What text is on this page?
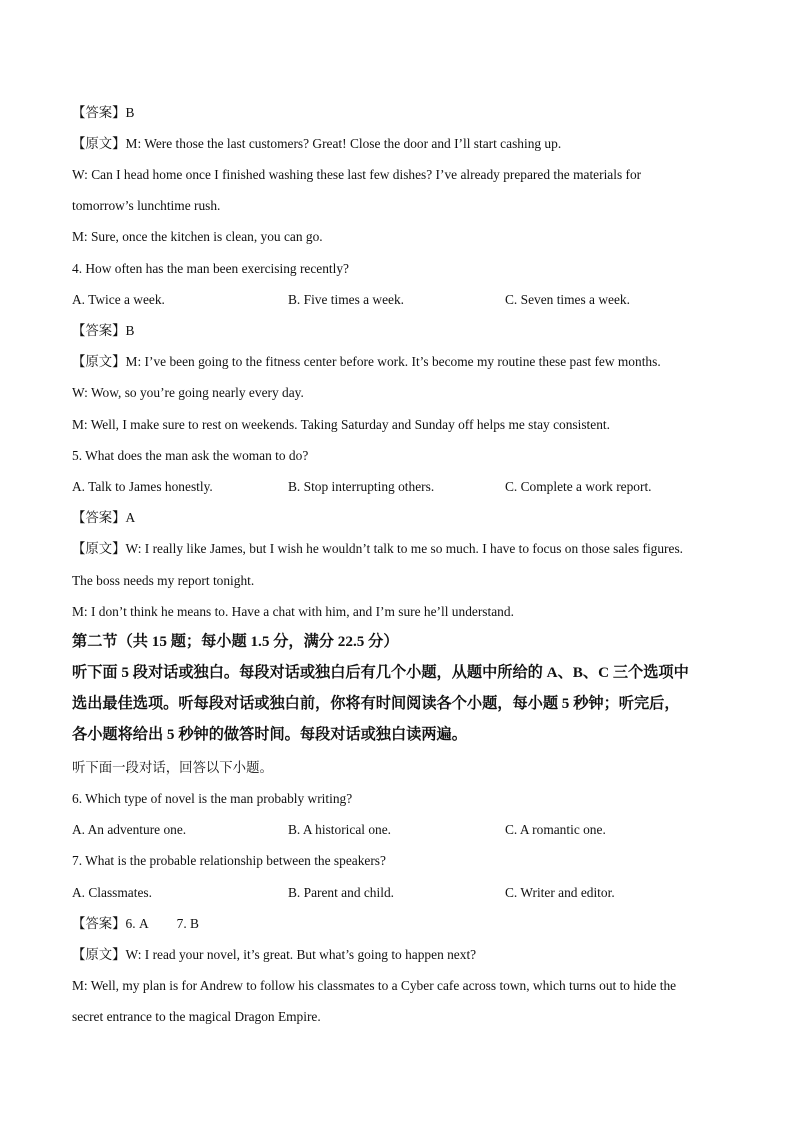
【答案】B
【原文】M: Were those the last customers? Great! Close the door and I’ll start cashing up.
W: Can I head home once I finished washing these last few dishes? I’ve already prepared the materials for
tomorrow’s lunchtime rush.
M: Sure, once the kitchen is clean, you can go.
4. How often has the man been exercising recently?
A. Twice a week.	B. Five times a week.	C. Seven times a week.
【答案】B
【原文】M: I’ve been going to the fitness center before work. It’s become my routine these past few months.
W: Wow, so you’re going nearly every day.
M: Well, I make sure to rest on weekends. Taking Saturday and Sunday off helps me stay consistent.
5. What does the man ask the woman to do?
A. Talk to James honestly.	B. Stop interrupting others.	C. Complete a work report.
【答案】A
【原文】W: I really like James, but I wish he wouldn’t talk to me so much. I have to focus on those sales figures.
The boss needs my report tonight.
M: I don’t think he means to. Have a chat with him, and I’m sure he’ll understand.
第二节（共 15 题；每小题 1.5 分，满分 22.5 分）
听下面 5 段对话或独白。每段对话或独白后有几个小题，从题中所给的 A、B、C 三个选项中
选出最佳选项。听每段对话或独白前，你将有时间阅读各个小题，每小题 5 秒钟；听完后，
各小题将给出 5 秒钟的做答时间。每段对话或独白读两遍。
听下面一段对话，回答以下小题。
6. Which type of novel is the man probably writing?
A. An adventure one.	B. A historical one.	C. A romantic one.
7. What is the probable relationship between the speakers?
A. Classmates.	B. Parent and child.	C. Writer and editor.
【答案】6. A 7. B
【原文】W: I read your novel, it’s great. But what’s going to happen next?
M: Well, my plan is for Andrew to follow his classmates to a Cyber cafe across town, which turns out to hide the
secret entrance to the magical Dragon Empire.
